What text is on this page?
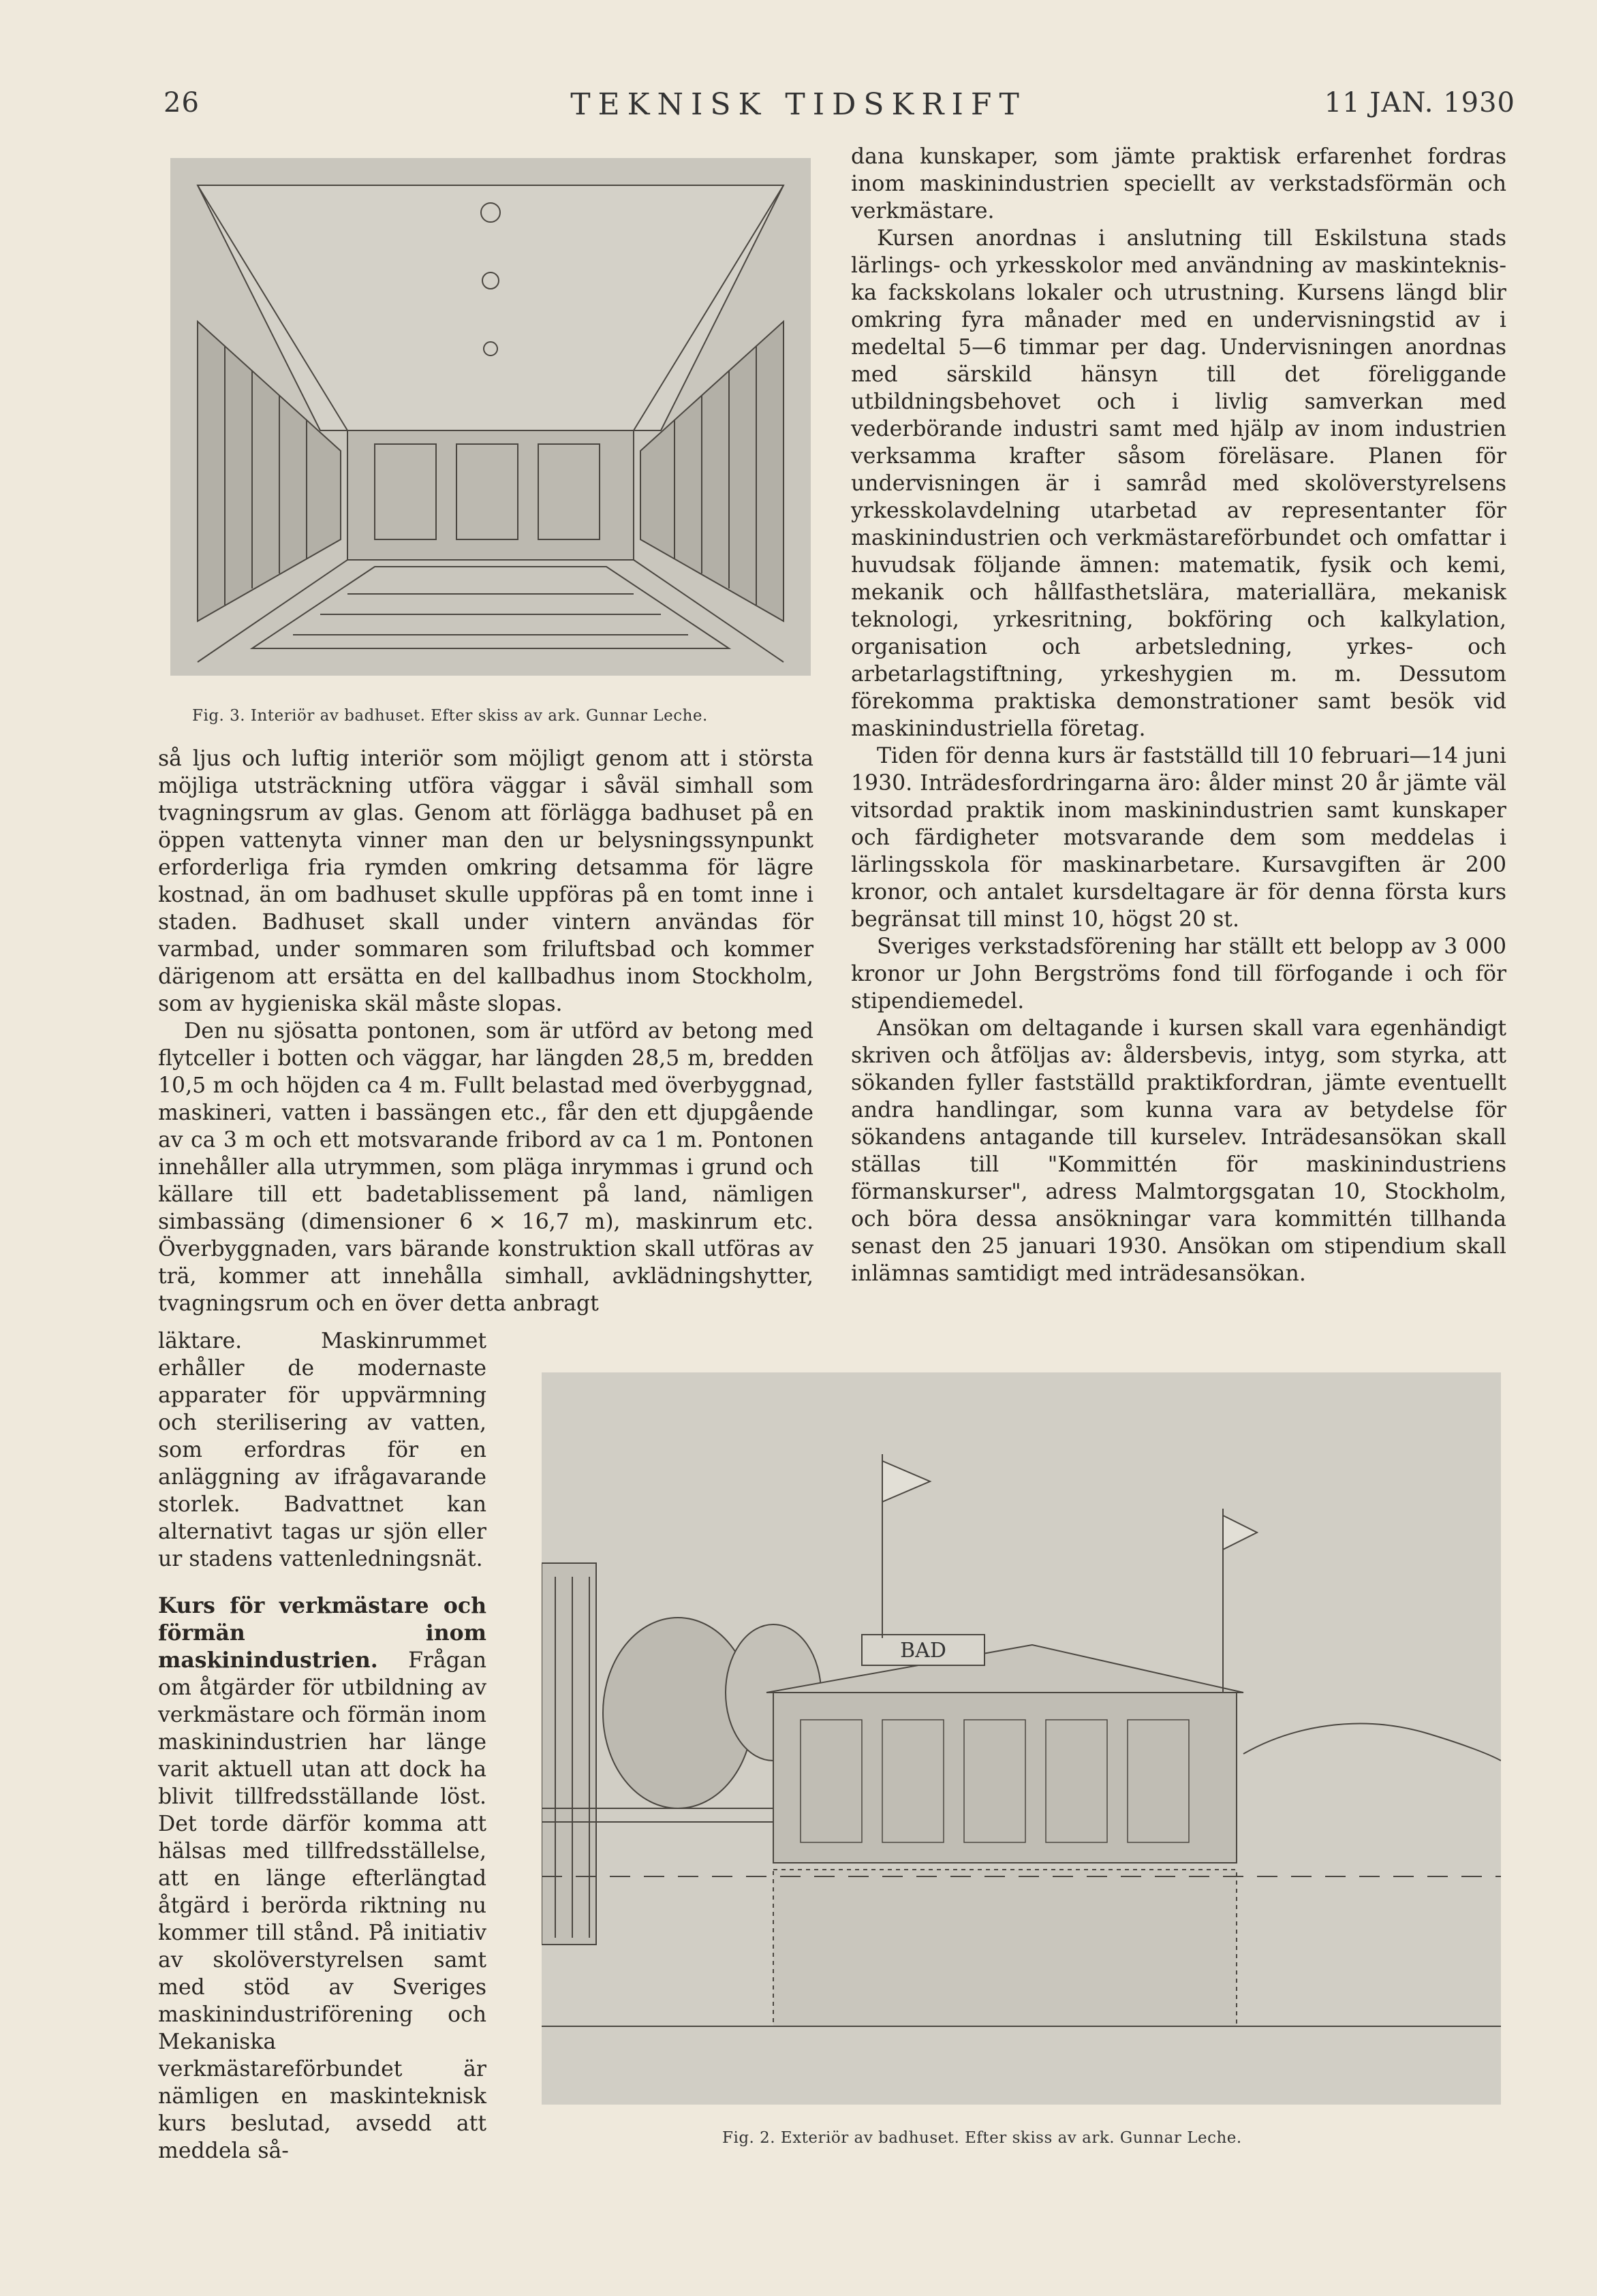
26	TEKNISK TIDSKRIFT	11 JAN. 1930
Fig. 3. Interiör av badhuset. Efter skiss av ark. Gunnar Leche.

så ljus och luftig interiör som möjligt genom att i största möjliga utsträckning utföra väggar i såväl simhall som tvagningsrum av glas. Genom att förlägga badhuset på en öppen vattenyta vinner man den ur belysningssynpunkt erforderliga fria rymden omkring detsamma för lägre kostnad, än om badhuset skulle uppföras på en tomt inne i staden. Badhuset skall under vintern användas för varmbad, under sommaren som friluftsbad och kommer därigenom att ersätta en del kallbadhus inom Stockholm, som av hygieniska skäl måste slopas.

Den nu sjösatta pontonen, som är utförd av betong med flytceller i botten och väggar, har längden 28,5 m, bredden 10,5 m och höjden ca 4 m. Fullt belastad med överbyggnad, maskineri, vatten i bassängen etc., får den ett djupgående av ca 3 m och ett motsvarande fribord av ca 1 m. Pontonen innehåller alla utrymmen, som pläga inrymmas i grund och källare till ett badetablissement på land, nämligen simbassäng (dimensioner 6 × 16,7 m), maskinrum etc. Överbyggnaden, vars bärande konstruktion skall utföras av trä, kommer att innehålla simhall, avklädningshytter, tvagningsrum och en över detta anbragt

läktare. Maskinrummet erhåller de modernaste apparater för uppvärmning och sterilisering av vatten, som erfordras för en anläggning av ifrågavarande storlek. Badvattnet kan alternativt tagas ur sjön eller ur stadens vattenledningsnät.

Kurs för verkmästare och förmän inom maskinindustrien. Frågan om åtgärder för utbildning av verkmästare och förmän inom maskinindustrien har länge varit aktuell utan att dock ha blivit tillfredsställande löst. Det torde därför komma att hälsas med tillfredsställelse, att en länge efterlängtad åtgärd i berörda riktning nu kommer till stånd. På initiativ av skolöverstyrelsen samt med stöd av Sveriges maskinindustriförening och Mekaniska verkmästareförbundet är nämligen en maskinteknisk kurs beslutad, avsedd att meddela så-

dana kunskaper, som jämte praktisk erfarenhet fordras inom maskinindustrien speciellt av verkstadsförmän och verkmästare.

Kursen anordnas i anslutning till Eskilstuna stads lärlings- och yrkesskolor med användning av maskintekniska fackskolans lokaler och utrustning. Kursens längd blir omkring fyra månader med en undervisningstid av i medeltal 5—6 timmar per dag. Undervisningen anordnas med särskild hänsyn till det föreliggande utbildningsbehovet och i livlig samverkan med vederbörande industri samt med hjälp av inom industrien verksamma krafter såsom föreläsare. Planen för undervisningen är i samråd med skolöverstyrelsens yrkesskolavdelning utarbetad av representanter för maskinindustrien och verkmästareförbundet och omfattar i huvudsak följande ämnen: matematik, fysik och kemi, mekanik och hållfasthetslära, materiallära, mekanisk teknologi, yrkesritning, bokföring och kalkylation, organisation och arbetsledning, yrkes- och arbetarlagstiftning, yrkeshygien m. m. Dessutom förekomma praktiska demonstrationer samt besök vid maskinindustriella företag.

Tiden för denna kurs är fastställd till 10 februari—14 juni 1930. Inträdesfordringarna äro: ålder minst 20 år jämte väl vitsordad praktik inom maskinindustrien samt kunskaper och färdigheter motsvarande dem som meddelas i lärlingsskola för maskinarbetare. Kursavgiften är 200 kronor, och antalet kursdeltagare är för denna första kurs begränsat till minst 10, högst 20 st.

Sveriges verkstadsförening har ställt ett belopp av 3 000 kronor ur John Bergströms fond till förfogande i och för stipendiemedel.

Ansökan om deltagande i kursen skall vara egenhändigt skriven och åtföljas av: åldersbevis, intyg, som styrka, att sökanden fyller fastställd praktikfordran, jämte eventuellt andra handlingar, som kunna vara av betydelse för sökandens antagande till kurselev. Inträdesansökan skall ställas till "Kommittén för maskinindustriens förmanskurser", adress Malmtorgsgatan 10, Stockholm, och böra dessa ansökningar vara kommittén tillhanda senast den 25 januari 1930. Ansökan om stipendium skall inlämnas samtidigt med inträdesansökan.

BAD
Fig. 2. Exteriör av badhuset. Efter skiss av ark. Gunnar Leche.
